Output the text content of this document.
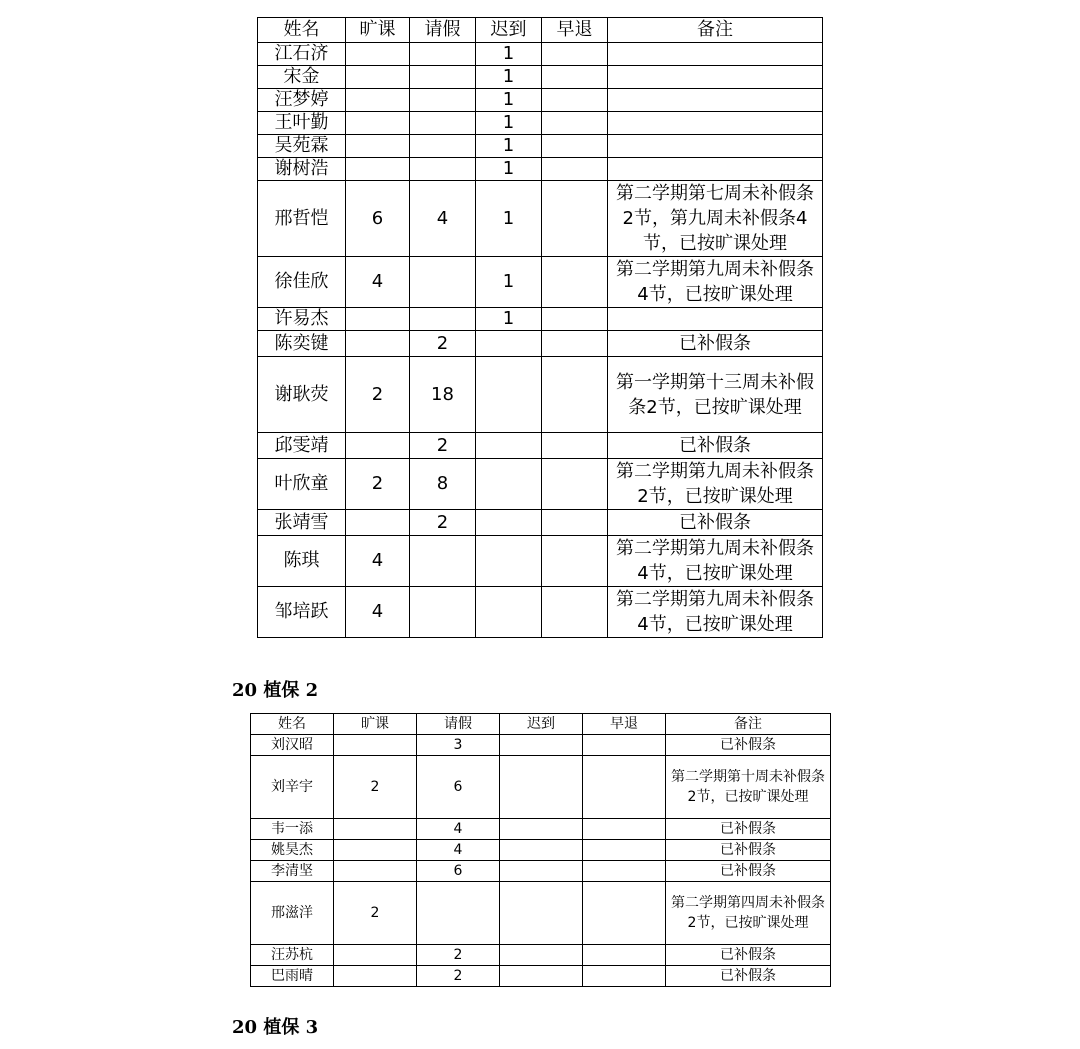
姓名	旷课	请假	迟到	早退	备注
江石济			1		
宋金			1		
汪梦婷			1		
王叶勤			1		
吴苑霖			1		
谢树浩			1		
邢哲恺	6	4	1		第二学期第七周未补假条2节，第九周未补假条4节，已按旷课处理
徐佳欣	4		1		第二学期第九周未补假条4节，已按旷课处理
许易杰			1		
陈奕键		2			已补假条
谢耿荧	2	18			第一学期第十三周未补假条2节，已按旷课处理
邱雯靖		2			已补假条
叶欣童	2	8			第二学期第九周未补假条2节，已按旷课处理
张靖雪		2			已补假条
陈琪	4				第二学期第九周未补假条4节，已按旷课处理
邹培跃	4				第二学期第九周未补假条4节，已按旷课处理
20 植保 2
姓名	旷课	请假	迟到	早退	备注
刘汉昭		3			已补假条
刘辛宇	2	6			第二学期第十周未补假条2节，已按旷课处理
韦一添		4			已补假条
姚昊杰		4			已补假条
李清坚		6			已补假条
邢滋洋	2				第二学期第四周未补假条2节，已按旷课处理
汪苏杭		2			已补假条
巴雨晴		2			已补假条
20 植保 3
